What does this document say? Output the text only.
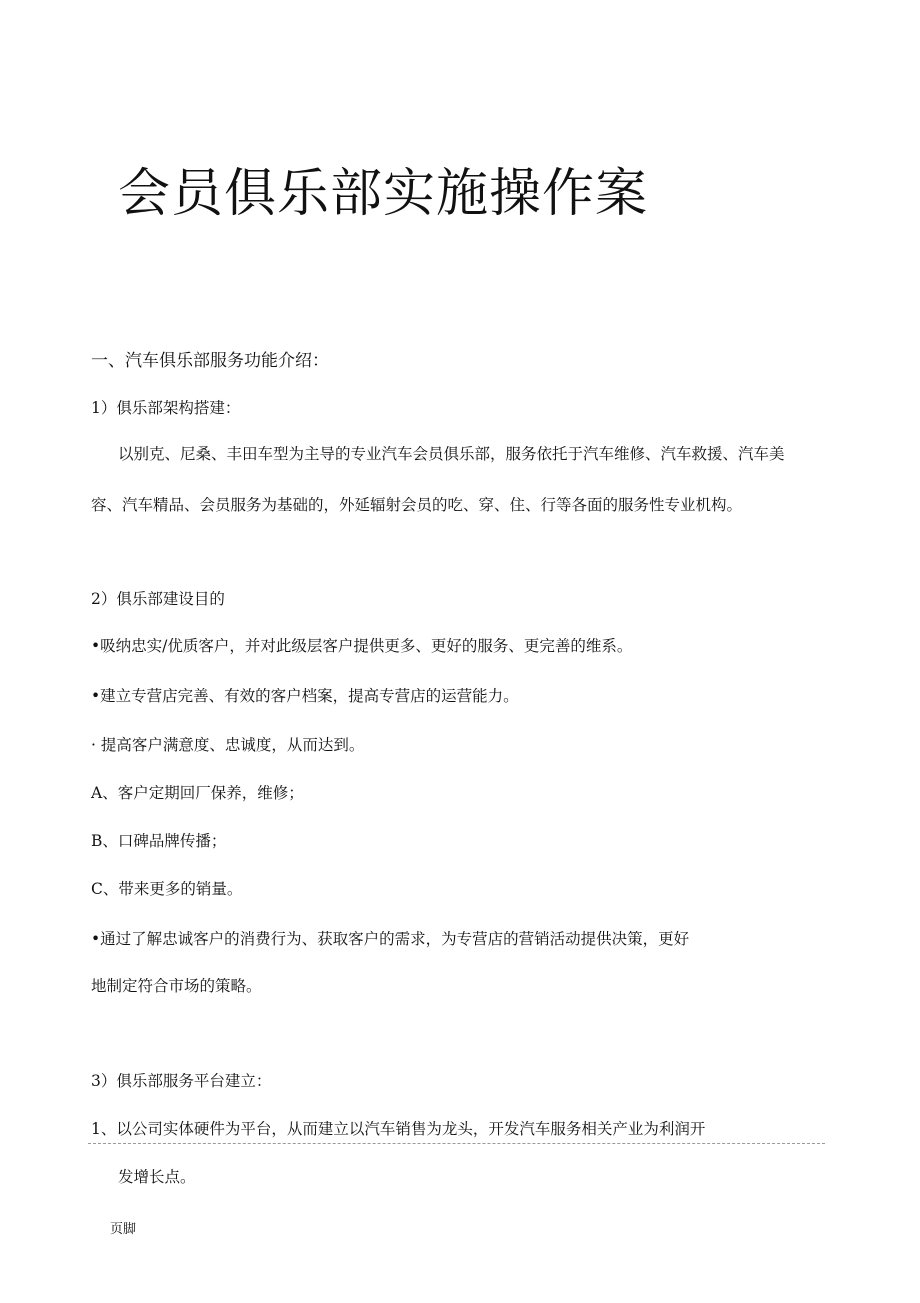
会员俱乐部实施操作案

一、汽车俱乐部服务功能介绍：

1）俱乐部架构搭建：

以别克、尼桑、丰田车型为主导的专业汽车会员俱乐部，服务依托于汽车维修、汽车救援、汽车美

容、汽车精品、会员服务为基础的，外延辐射会员的吃、穿、住、行等各面的服务性专业机构。

2）俱乐部建设目的

•吸纳忠实/优质客户，并对此级层客户提供更多、更好的服务、更完善的维系。

•建立专营店完善、有效的客户档案，提高专营店的运营能力。

· 提高客户满意度、忠诚度，从而达到。

A、客户定期回厂保养，维修；

B、口碑品牌传播；

C、带来更多的销量。

•通过了解忠诚客户的消费行为、获取客户的需求，为专营店的营销活动提供决策，更好

地制定符合市场的策略。

3）俱乐部服务平台建立：

1、以公司实体硬件为平台，从而建立以汽车销售为龙头，开发汽车服务相关产业为利润开

发增长点。

页脚
